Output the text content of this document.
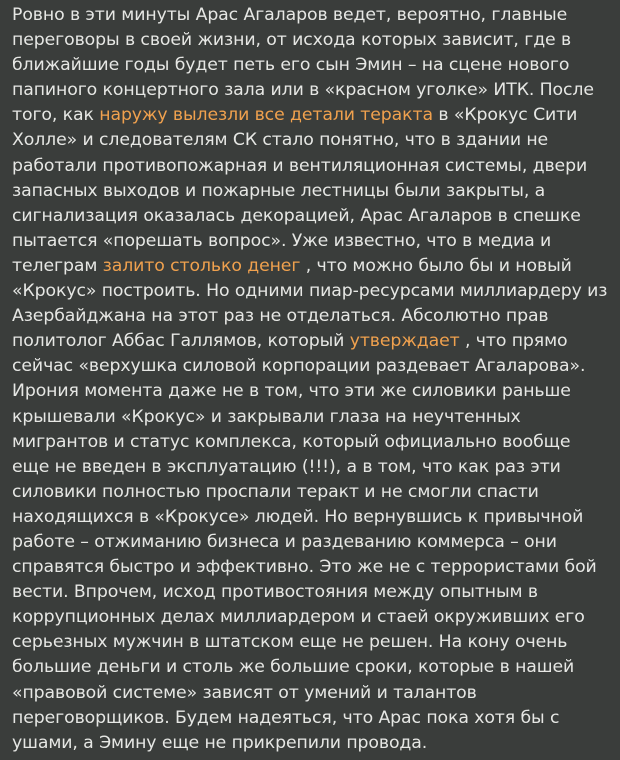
Ровно в эти минуты Арас Агаларов ведет, вероятно, главные переговоры в своей жизни, от исхода которых зависит, где в ближайшие годы будет петь его сын Эмин – на сцене нового папиного концертного зала или в «красном уголке» ИТК. После того, как наружу вылезли все детали теракта в «Крокус Сити Холле» и следователям СК стало понятно, что в здании не работали противопожарная и вентиляционная системы, двери запасных выходов и пожарные лестницы были закрыты, а сигнализация оказалась декорацией, Арас Агаларов в спешке пытается «порешать вопрос». Уже известно, что в медиа и телеграм залито столько денег , что можно было бы и новый «Крокус» построить. Но одними пиар-ресурсами миллиардеру из Азербайджана на этот раз не отделаться. Абсолютно прав политолог Аббас Галлямов, который утверждает , что прямо сейчас «верхушка силовой корпорации раздевает Агаларова». Ирония момента даже не в том, что эти же силовики раньше крышевали «Крокус» и закрывали глаза на неучтенных мигрантов и статус комплекса, который официально вообще еще не введен в эксплуатацию (!!!), а в том, что как раз эти силовики полностью проспали теракт и не смогли спасти находящихся в «Крокусе» людей. Но вернувшись к привычной работе – отжиманию бизнеса и раздеванию коммерса – они справятся быстро и эффективно. Это же не с террористами бой вести. Впрочем, исход противостояния между опытным в коррупционных делах миллиардером и стаей окруживших его серьезных мужчин в штатском еще не решен. На кону очень большие деньги и столь же большие сроки, которые в нашей «правовой системе» зависят от умений и талантов переговорщиков. Будем надеяться, что Арас пока хотя бы с ушами, а Эмину еще не прикрепили провода.
